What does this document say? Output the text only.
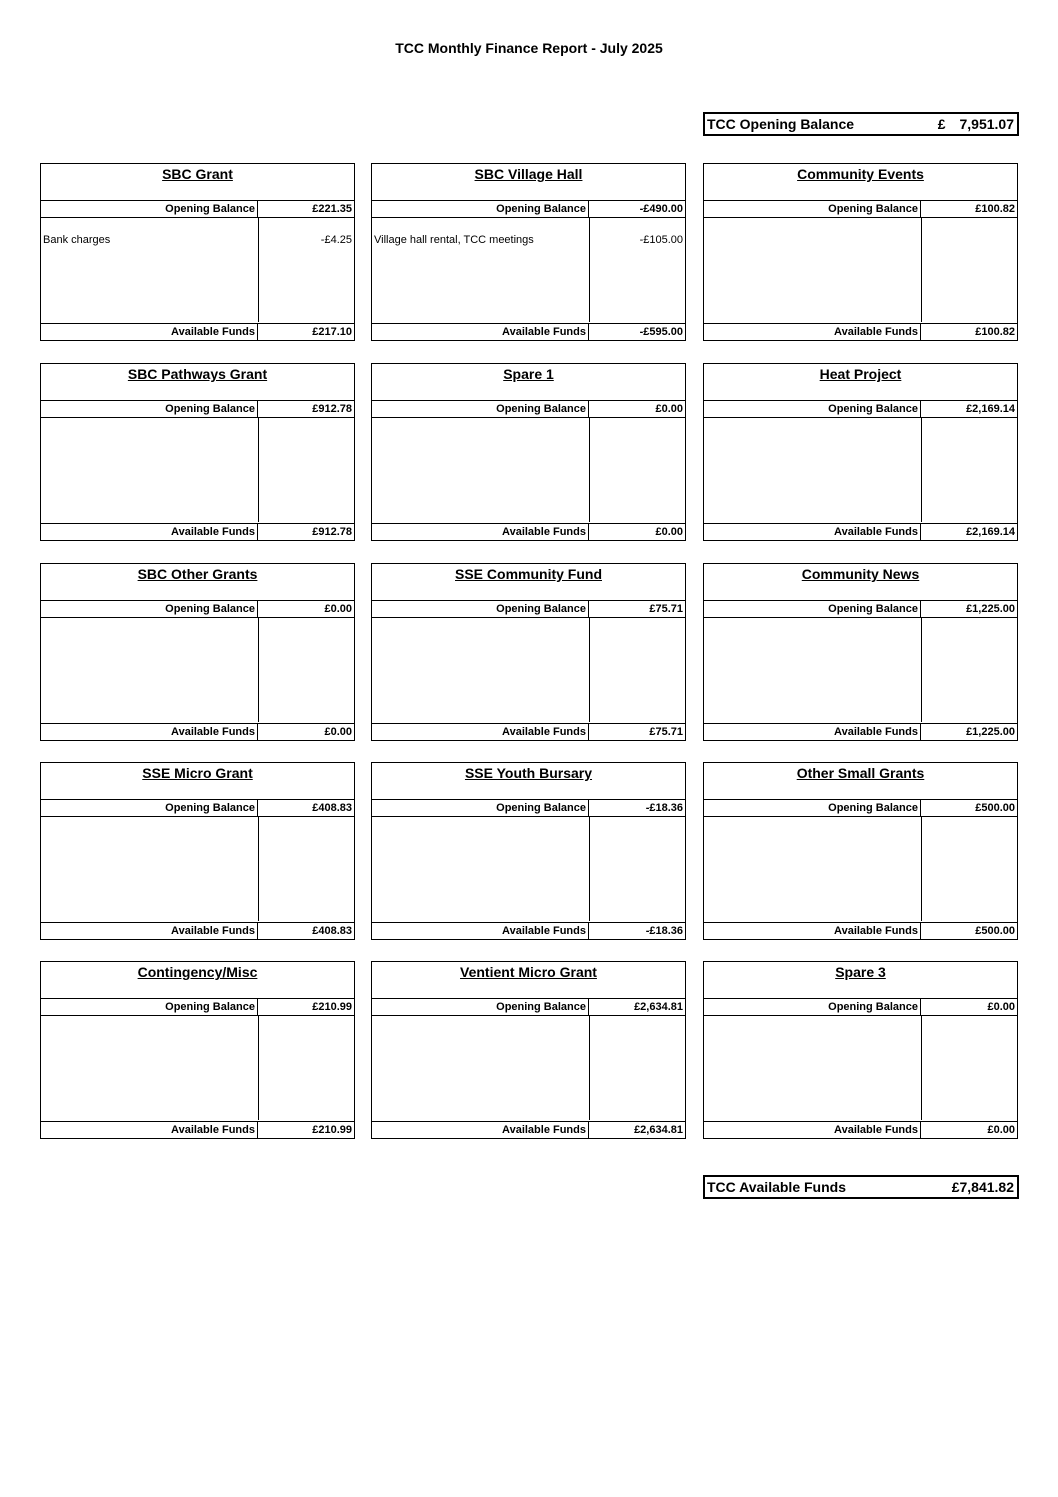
TCC Monthly Finance Report - July 2025
TCC Opening Balance	£ 7,951.07
SBC Grant
Opening Balance	£221.35
Bank charges	-£4.25
Available Funds	£217.10
SBC Village Hall
Opening Balance	-£490.00
Village hall rental, TCC meetings	-£105.00
Available Funds	-£595.00
Community Events
Opening Balance	£100.82
Available Funds	£100.82
SBC Pathways Grant
Opening Balance	£912.78
Available Funds	£912.78
Spare 1
Opening Balance	£0.00
Available Funds	£0.00
Heat Project
Opening Balance	£2,169.14
Available Funds	£2,169.14
SBC Other Grants
Opening Balance	£0.00
Available Funds	£0.00
SSE Community Fund
Opening Balance	£75.71
Available Funds	£75.71
Community News
Opening Balance	£1,225.00
Available Funds	£1,225.00
SSE Micro Grant
Opening Balance	£408.83
Available Funds	£408.83
SSE Youth Bursary
Opening Balance	-£18.36
Available Funds	-£18.36
Other Small Grants
Opening Balance	£500.00
Available Funds	£500.00
Contingency/Misc
Opening Balance	£210.99
Available Funds	£210.99
Ventient Micro Grant
Opening Balance	£2,634.81
Available Funds	£2,634.81
Spare 3
Opening Balance	£0.00
Available Funds	£0.00
TCC Available Funds	£7,841.82
